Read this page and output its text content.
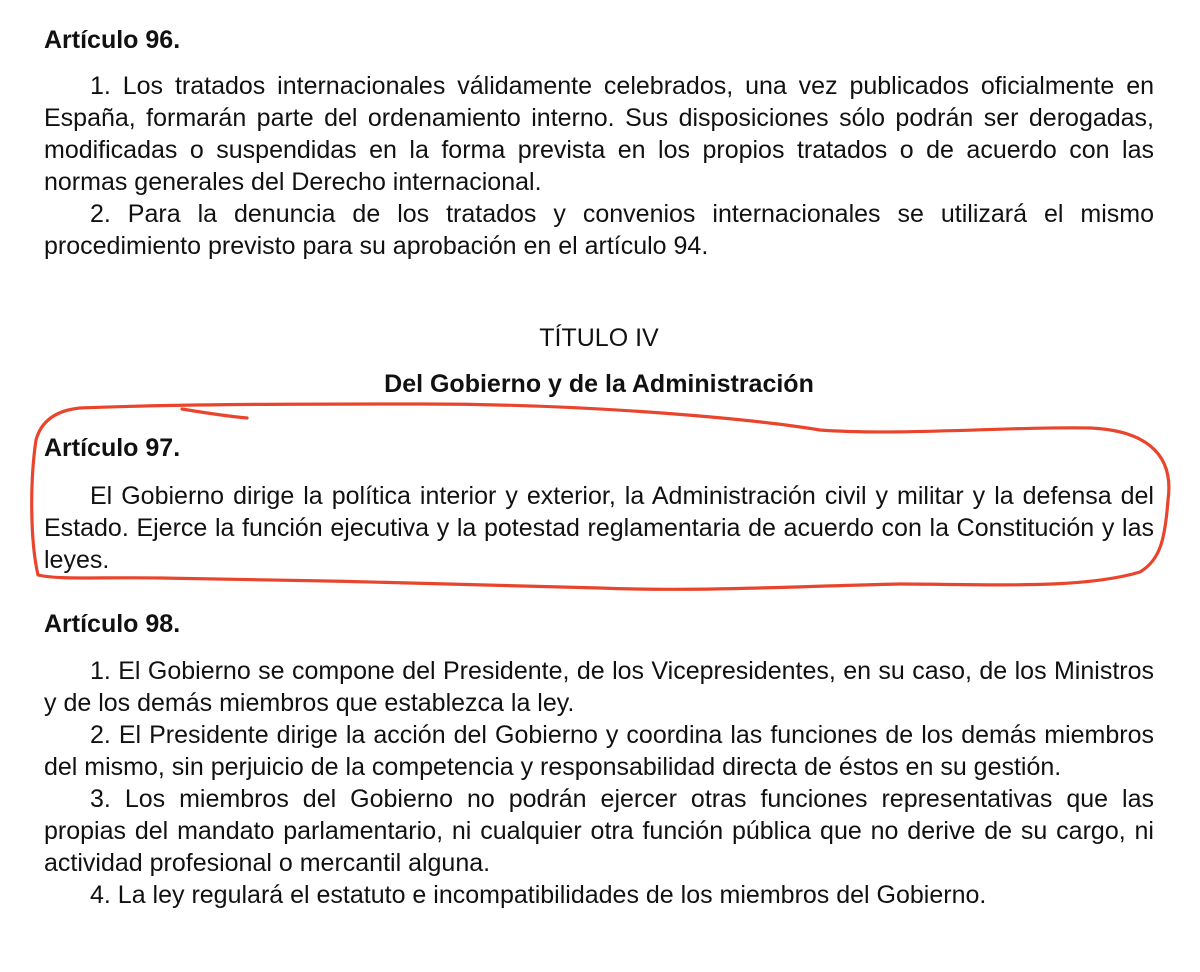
Artículo 96.

1. Los tratados internacionales válidamente celebrados, una vez publicados oficialmente en España, formarán parte del ordenamiento interno. Sus disposiciones sólo podrán ser derogadas, modificadas o suspendidas en la forma prevista en los propios tratados o de acuerdo con las normas generales del Derecho internacional.

2. Para la denuncia de los tratados y convenios internacionales se utilizará el mismo procedimiento previsto para su aprobación en el artículo 94.

TÍTULO IV

Del Gobierno y de la Administración

Artículo 97.

El Gobierno dirige la política interior y exterior, la Administración civil y militar y la defensa del Estado. Ejerce la función ejecutiva y la potestad reglamentaria de acuerdo con la Constitución y las leyes.

Artículo 98.

1. El Gobierno se compone del Presidente, de los Vicepresidentes, en su caso, de los Ministros y de los demás miembros que establezca la ley.

2. El Presidente dirige la acción del Gobierno y coordina las funciones de los demás miembros del mismo, sin perjuicio de la competencia y responsabilidad directa de éstos en su gestión.

3. Los miembros del Gobierno no podrán ejercer otras funciones representativas que las propias del mandato parlamentario, ni cualquier otra función pública que no derive de su cargo, ni actividad profesional o mercantil alguna.

4. La ley regulará el estatuto e incompatibilidades de los miembros del Gobierno.
